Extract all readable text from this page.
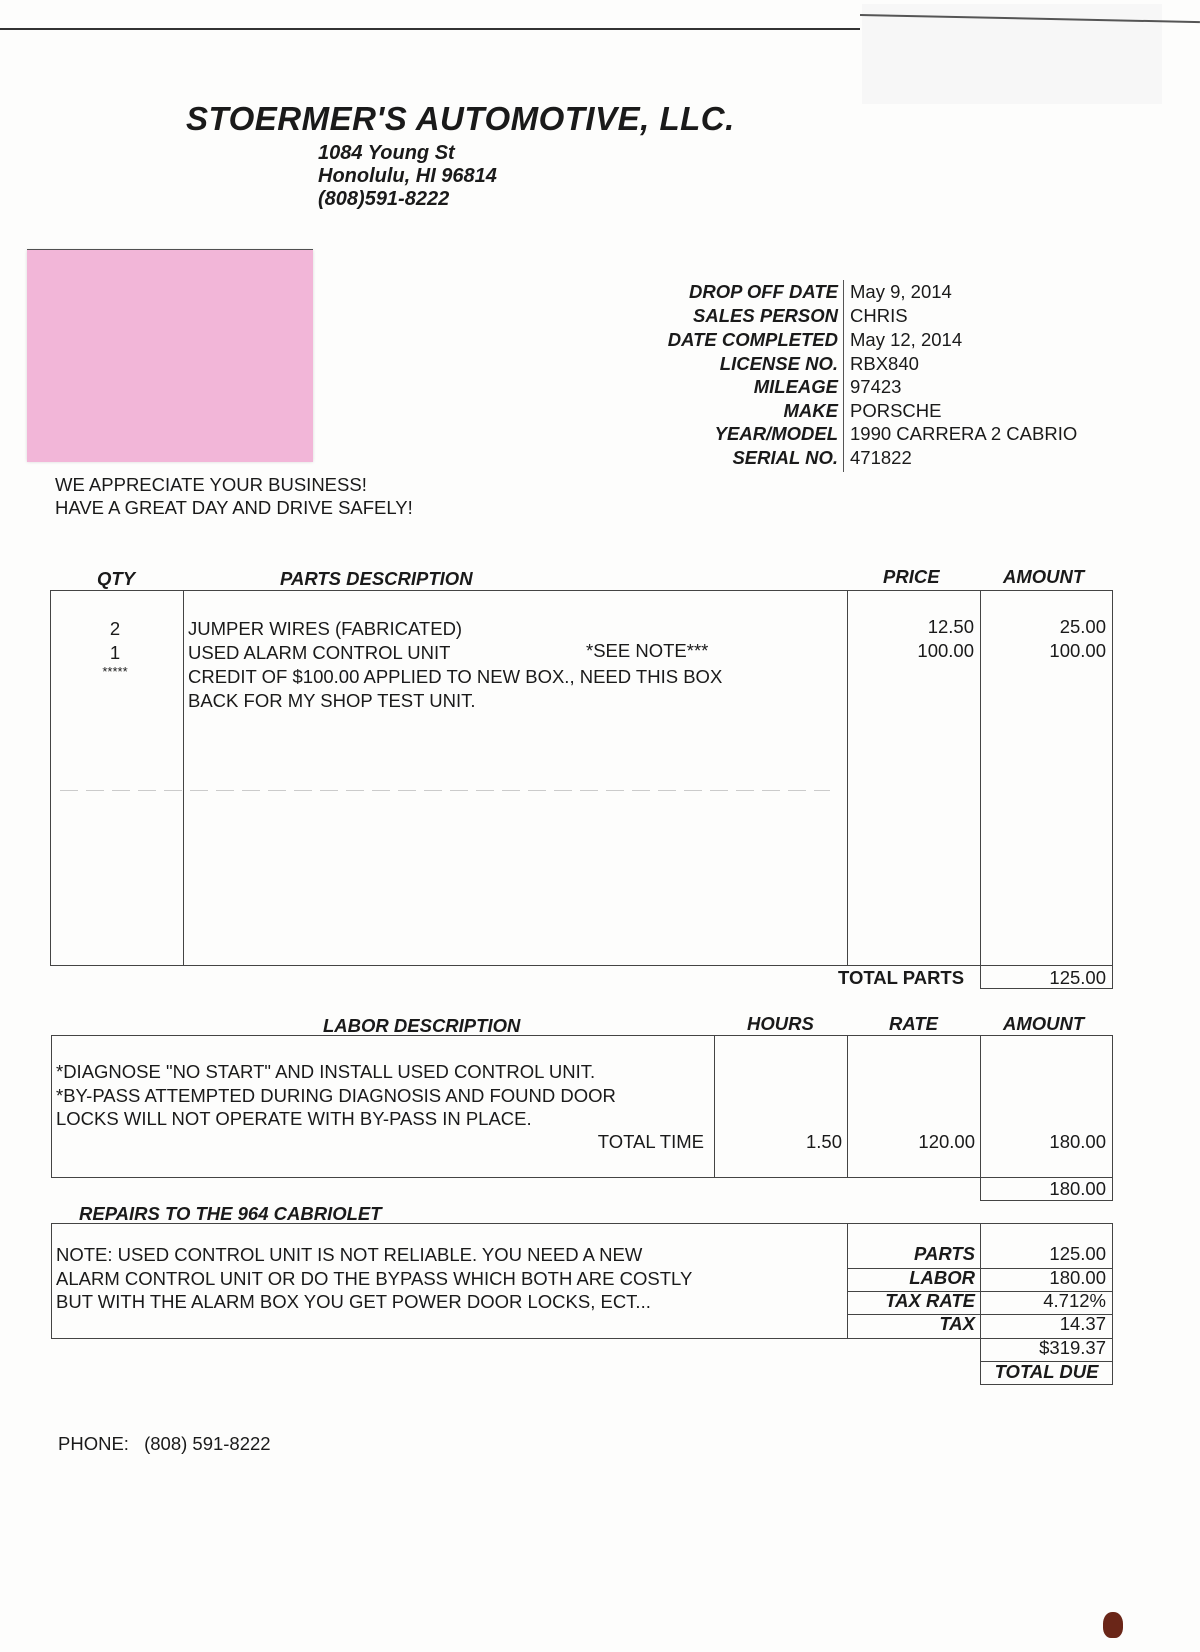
STOERMER'S AUTOMOTIVE, LLC.
1084 Young St
Honolulu, HI 96814
(808)591-8222
WE APPRECIATE YOUR BUSINESS!
HAVE A GREAT DAY AND DRIVE SAFELY!
DROP OFF DATE May 9, 2014
SALES PERSON CHRIS
DATE COMPLETED May 12, 2014
LICENSE NO. RBX840
MILEAGE 97423
MAKE PORSCHE
YEAR/MODEL 1990 CARRERA 2 CABRIO
SERIAL NO. 471822
QTY	PARTS DESCRIPTION	PRICE	AMOUNT
2	JUMPER WIRES (FABRICATED)	12.50	25.00
1	USED ALARM CONTROL UNIT	*SEE NOTE***	100.00	100.00
*****	CREDIT OF $100.00 APPLIED TO NEW BOX., NEED THIS BOX
BACK FOR MY SHOP TEST UNIT.
TOTAL PARTS	125.00
LABOR DESCRIPTION	HOURS	RATE	AMOUNT
*DIAGNOSE "NO START" AND INSTALL USED CONTROL UNIT.
*BY-PASS ATTEMPTED DURING DIAGNOSIS AND FOUND DOOR
LOCKS WILL NOT OPERATE WITH BY-PASS IN PLACE.
TOTAL TIME	1.50	120.00	180.00
180.00
REPAIRS TO THE 964 CABRIOLET
NOTE: USED CONTROL UNIT IS NOT RELIABLE. YOU NEED A NEW
ALARM CONTROL UNIT OR DO THE BYPASS WHICH BOTH ARE COSTLY
BUT WITH THE ALARM BOX YOU GET POWER DOOR LOCKS, ECT...
PARTS	125.00
LABOR	180.00
TAX RATE	4.712%
TAX	14.37
$319.37
TOTAL DUE
PHONE: (808) 591-8222
